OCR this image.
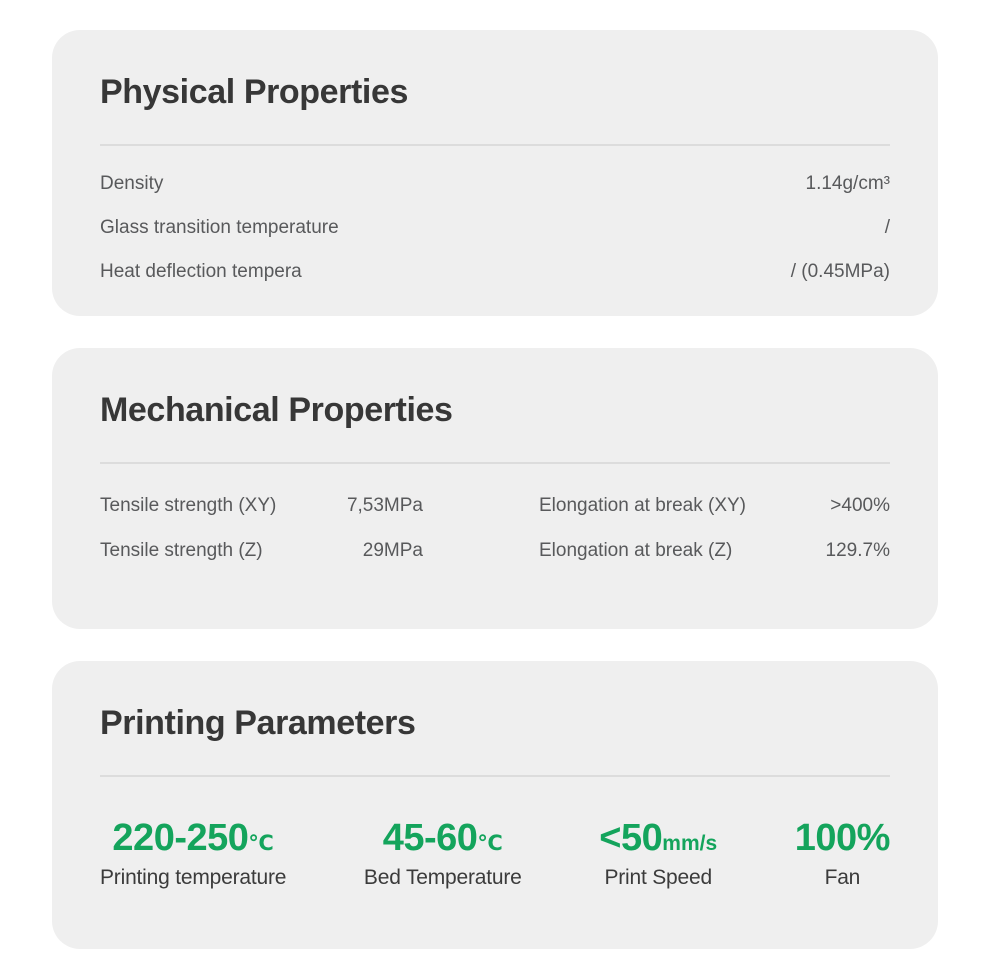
Physical Properties
Density	1.14g/cm³
Glass transition temperature	/
Heat deflection tempera	/ (0.45MPa)
Mechanical Properties
Tensile strength (XY)	7,53MPa	Elongation at break (XY)	>400%
Tensile strength (Z)	29MPa	Elongation at break (Z)	129.7%
Printing Parameters
220-250℃
Printing temperature
45-60℃
Bed Temperature
<50mm/s
Print Speed
100%
Fan
